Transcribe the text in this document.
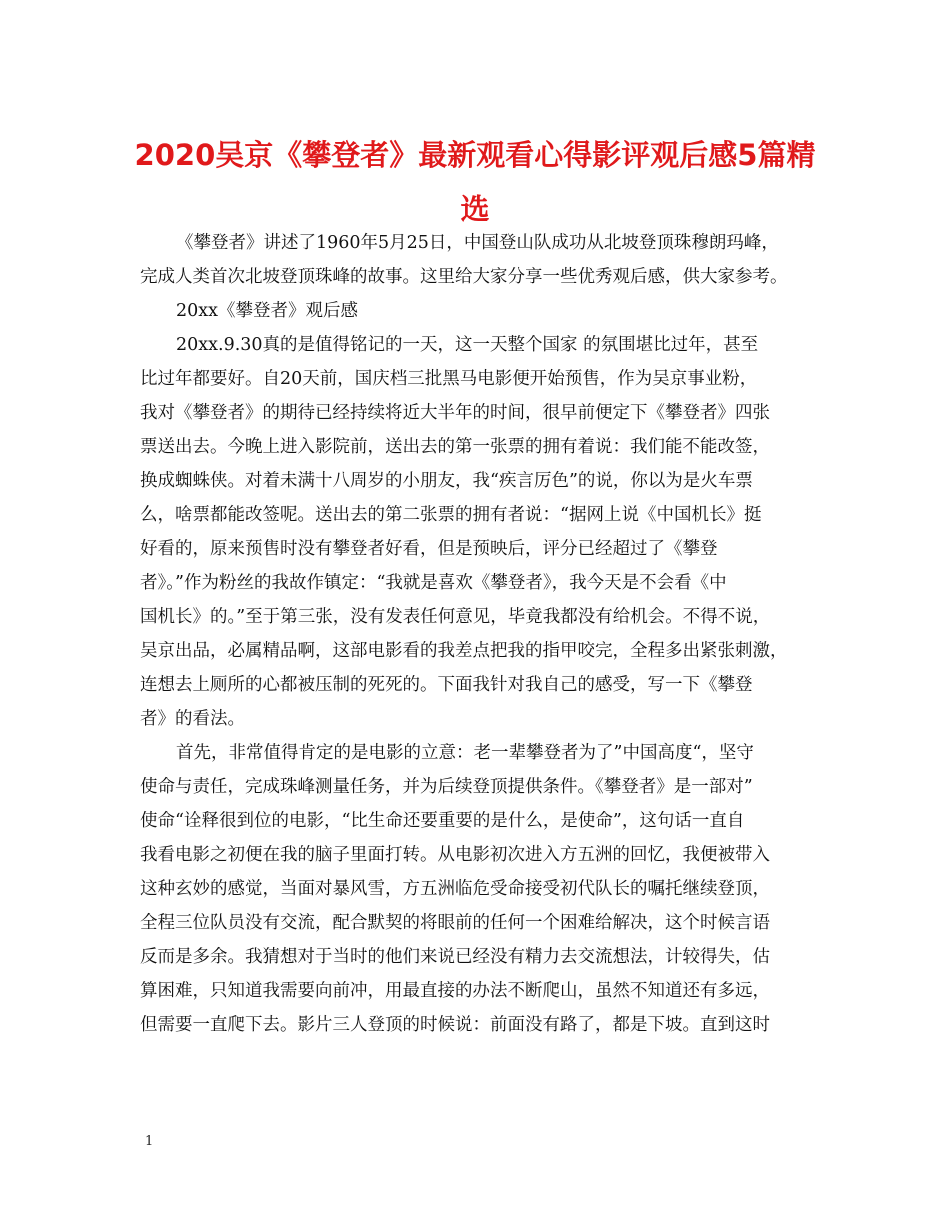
2020吴京《攀登者》最新观看心得影评观后感5篇精
选
《攀登者》讲述了1960年5月25日，中国登山队成功从北坡登顶珠穆朗玛峰，
完成人类首次北坡登顶珠峰的故事。这里给大家分享一些优秀观后感，供大家参考。
20xx《攀登者》观后感
20xx.9.30真的是值得铭记的一天，这一天整个国家 的氛围堪比过年，甚至
比过年都要好。自20天前，国庆档三批黑马电影便开始预售，作为吴京事业粉，
我对《攀登者》的期待已经持续将近大半年的时间，很早前便定下《攀登者》四张
票送出去。今晚上进入影院前，送出去的第一张票的拥有着说：我们能不能改签，
换成蜘蛛侠。对着未满十八周岁的小朋友，我“疾言厉色”的说，你以为是火车票
么，啥票都能改签呢。送出去的第二张票的拥有者说：“据网上说《中国机长》挺
好看的，原来预售时没有攀登者好看，但是预映后，评分已经超过了《攀登
者》。”作为粉丝的我故作镇定：“我就是喜欢《攀登者》，我今天是不会看《中
国机长》的。”至于第三张，没有发表任何意见，毕竟我都没有给机会。不得不说，
吴京出品，必属精品啊，这部电影看的我差点把我的指甲咬完，全程多出紧张刺激，
连想去上厕所的心都被压制的死死的。下面我针对我自己的感受，写一下《攀登
者》的看法。
首先，非常值得肯定的是电影的立意：老一辈攀登者为了”中国高度“，坚守
使命与责任，完成珠峰测量任务，并为后续登顶提供条件。《攀登者》是一部对”
使命“诠释很到位的电影，“比生命还要重要的是什么，是使命”，这句话一直自
我看电影之初便在我的脑子里面打转。从电影初次进入方五洲的回忆，我便被带入
这种玄妙的感觉，当面对暴风雪，方五洲临危受命接受初代队长的嘱托继续登顶，
全程三位队员没有交流，配合默契的将眼前的任何一个困难给解决，这个时候言语
反而是多余。我猜想对于当时的他们来说已经没有精力去交流想法，计较得失，估
算困难，只知道我需要向前冲，用最直接的办法不断爬山，虽然不知道还有多远，
但需要一直爬下去。影片三人登顶的时候说：前面没有路了，都是下坡。直到这时
1
